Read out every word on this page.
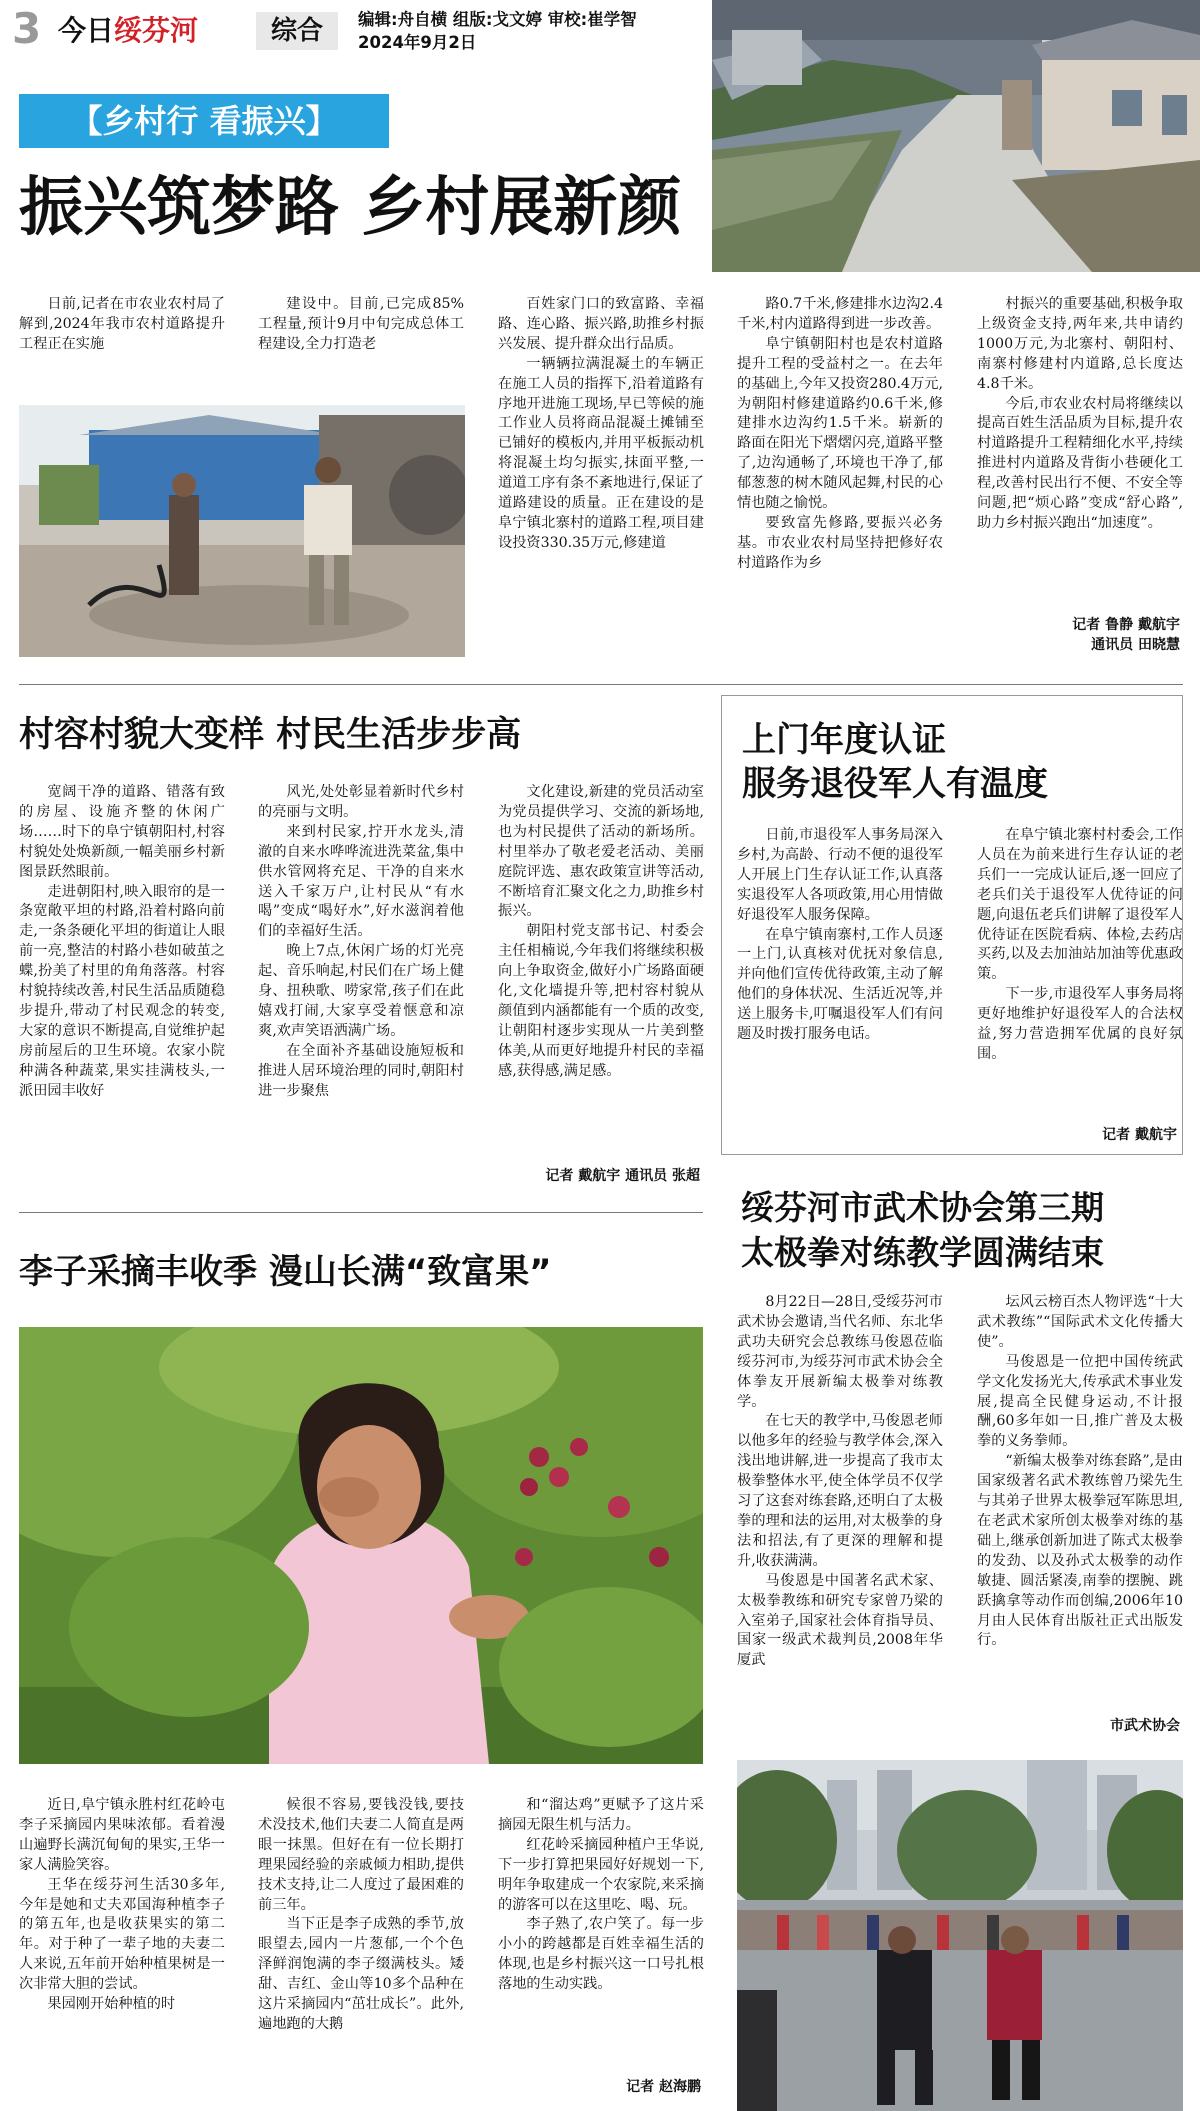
3 今日绥芬河	综合	编辑:舟自横 组版:戈文婷 审校:崔学智
2024年9月2日
【乡村行 看振兴】
振兴筑梦路 乡村展新颜

日前,记者在市农业农村局了解到,2024年我市农村道路提升工程正在实施

建设中。目前,已完成85%工程量,预计9月中旬完成总体工程建设,全力打造老

百姓家门口的致富路、幸福路、连心路、振兴路,助推乡村振兴发展、提升群众出行品质。

一辆辆拉满混凝土的车辆正在施工人员的指挥下,沿着道路有序地开进施工现场,早已等候的施工作业人员将商品混凝土摊铺至已铺好的模板内,并用平板振动机将混凝土均匀振实,抹面平整,一道道工序有条不紊地进行,保证了道路建设的质量。正在建设的是阜宁镇北寨村的道路工程,项目建设投资330.35万元,修建道

路0.7千米,修建排水边沟2.4千米,村内道路得到进一步改善。

阜宁镇朝阳村也是农村道路提升工程的受益村之一。在去年的基础上,今年又投资280.4万元,为朝阳村修建道路约0.6千米,修建排水边沟约1.5千米。崭新的路面在阳光下熠熠闪亮,道路平整了,边沟通畅了,环境也干净了,郁郁葱葱的树木随风起舞,村民的心情也随之愉悦。

要致富先修路,要振兴必务基。市农业农村局坚持把修好农村道路作为乡

村振兴的重要基础,积极争取上级资金支持,两年来,共申请约1000万元,为北寨村、朝阳村、南寨村修建村内道路,总长度达4.8千米。

今后,市农业农村局将继续以提高百姓生活品质为目标,提升农村道路提升工程精细化水平,持续推进村内道路及背街小巷硬化工程,改善村民出行不便、不安全等问题,把“烦心路”变成“舒心路”,助力乡村振兴跑出“加速度”。

记者 鲁静 戴航宇
通讯员 田晓慧
村容村貌大变样 村民生活步步高

宽阔干净的道路、错落有致的房屋、设施齐整的休闲广场……时下的阜宁镇朝阳村,村容村貌处处焕新颜,一幅美丽乡村新图景跃然眼前。

走进朝阳村,映入眼帘的是一条宽敞平坦的村路,沿着村路向前走,一条条硬化平坦的街道让人眼前一亮,整洁的村路小巷如破茧之蝶,扮美了村里的角角落落。村容村貌持续改善,村民生活品质随稳步提升,带动了村民观念的转变,大家的意识不断提高,自觉维护起房前屋后的卫生环境。农家小院种满各种蔬菜,果实挂满枝头,一派田园丰收好

风光,处处彰显着新时代乡村的亮丽与文明。

来到村民家,拧开水龙头,清澈的自来水哗哗流进洗菜盆,集中供水管网将充足、干净的自来水送入千家万户,让村民从“有水喝”变成“喝好水”,好水滋润着他们的幸福好生活。

晚上7点,休闲广场的灯光亮起、音乐响起,村民们在广场上健身、扭秧歌、唠家常,孩子们在此嬉戏打闹,大家享受着惬意和凉爽,欢声笑语洒满广场。

在全面补齐基础设施短板和推进人居环境治理的同时,朝阳村进一步聚焦

文化建设,新建的党员活动室为党员提供学习、交流的新场地,也为村民提供了活动的新场所。村里举办了敬老爱老活动、美丽庭院评选、惠农政策宣讲等活动,不断培育汇聚文化之力,助推乡村振兴。

朝阳村党支部书记、村委会主任相楠说,今年我们将继续积极向上争取资金,做好小广场路面硬化,文化墙提升等,把村容村貌从颜值到内涵都能有一个质的改变,让朝阳村逐步实现从一片美到整体美,从而更好地提升村民的幸福感,获得感,满足感。

记者 戴航宇 通讯员 张超
上门年度认证
服务退役军人有温度

日前,市退役军人事务局深入乡村,为高龄、行动不便的退役军人开展上门生存认证工作,认真落实退役军人各项政策,用心用情做好退役军人服务保障。

在阜宁镇南寨村,工作人员逐一上门,认真核对优抚对象信息,并向他们宣传优待政策,主动了解他们的身体状况、生活近况等,并送上服务卡,叮嘱退役军人们有问题及时拨打服务电话。

在阜宁镇北寨村村委会,工作人员在为前来进行生存认证的老兵们一一完成认证后,逐一回应了老兵们关于退役军人优待证的问题,向退伍老兵们讲解了退役军人优待证在医院看病、体检,去药店买药,以及去加油站加油等优惠政策。

下一步,市退役军人事务局将更好地维护好退役军人的合法权益,努力营造拥军优属的良好氛围。

记者 戴航宇
绥芬河市武术协会第三期
太极拳对练教学圆满结束

8月22日—28日,受绥芬河市武术协会邀请,当代名师、东北华武功夫研究会总教练马俊恩莅临绥芬河市,为绥芬河市武术协会全体拳友开展新编太极拳对练教学。

在七天的教学中,马俊恩老师以他多年的经验与教学体会,深入浅出地讲解,进一步提高了我市太极拳整体水平,使全体学员不仅学习了这套对练套路,还明白了太极拳的理和法的运用,对太极拳的身法和招法,有了更深的理解和提升,收获满满。

马俊恩是中国著名武术家、太极拳教练和研究专家曾乃梁的入室弟子,国家社会体育指导员、国家一级武术裁判员,2008年华厦武

坛风云榜百杰人物评选“十大武术教练”“国际武术文化传播大使”。

马俊恩是一位把中国传统武学文化发扬光大,传承武术事业发展,提高全民健身运动,不计报酬,60多年如一日,推广普及太极拳的义务拳师。

“新编太极拳对练套路”,是由国家级著名武术教练曾乃梁先生与其弟子世界太极拳冠军陈思坦,在老武术家所创太极拳对练的基础上,继承创新加进了陈式太极拳的发劲、以及孙式太极拳的动作敏捷、圆活紧凑,南拳的摆腕、跳跃擒拿等动作而创编,2006年10月由人民体育出版社正式出版发行。

市武术协会
李子采摘丰收季 漫山长满“致富果”

近日,阜宁镇永胜村红花岭屯李子采摘园内果味浓郁。看着漫山遍野长满沉甸甸的果实,王华一家人满脸笑容。

王华在绥芬河生活30多年,今年是她和丈夫邓国海种植李子的第五年,也是收获果实的第二年。对于种了一辈子地的夫妻二人来说,五年前开始种植果树是一次非常大胆的尝试。

果园刚开始种植的时

候很不容易,要钱没钱,要技术没技术,他们夫妻二人简直是两眼一抹黑。但好在有一位长期打理果园经验的亲戚倾力相助,提供技术支持,让二人度过了最困难的前三年。

当下正是李子成熟的季节,放眼望去,园内一片葱郁,一个个色泽鲜润饱满的李子缀满枝头。矮甜、吉红、金山等10多个品种在这片采摘园内“茁壮成长”。此外,遍地跑的大鹅

和“溜达鸡”更赋予了这片采摘园无限生机与活力。

红花岭采摘园种植户王华说,下一步打算把果园好好规划一下,明年争取建成一个农家院,来采摘的游客可以在这里吃、喝、玩。

李子熟了,农户笑了。每一步小小的跨越都是百姓幸福生活的体现,也是乡村振兴这一口号扎根落地的生动实践。

记者 赵海鹏
